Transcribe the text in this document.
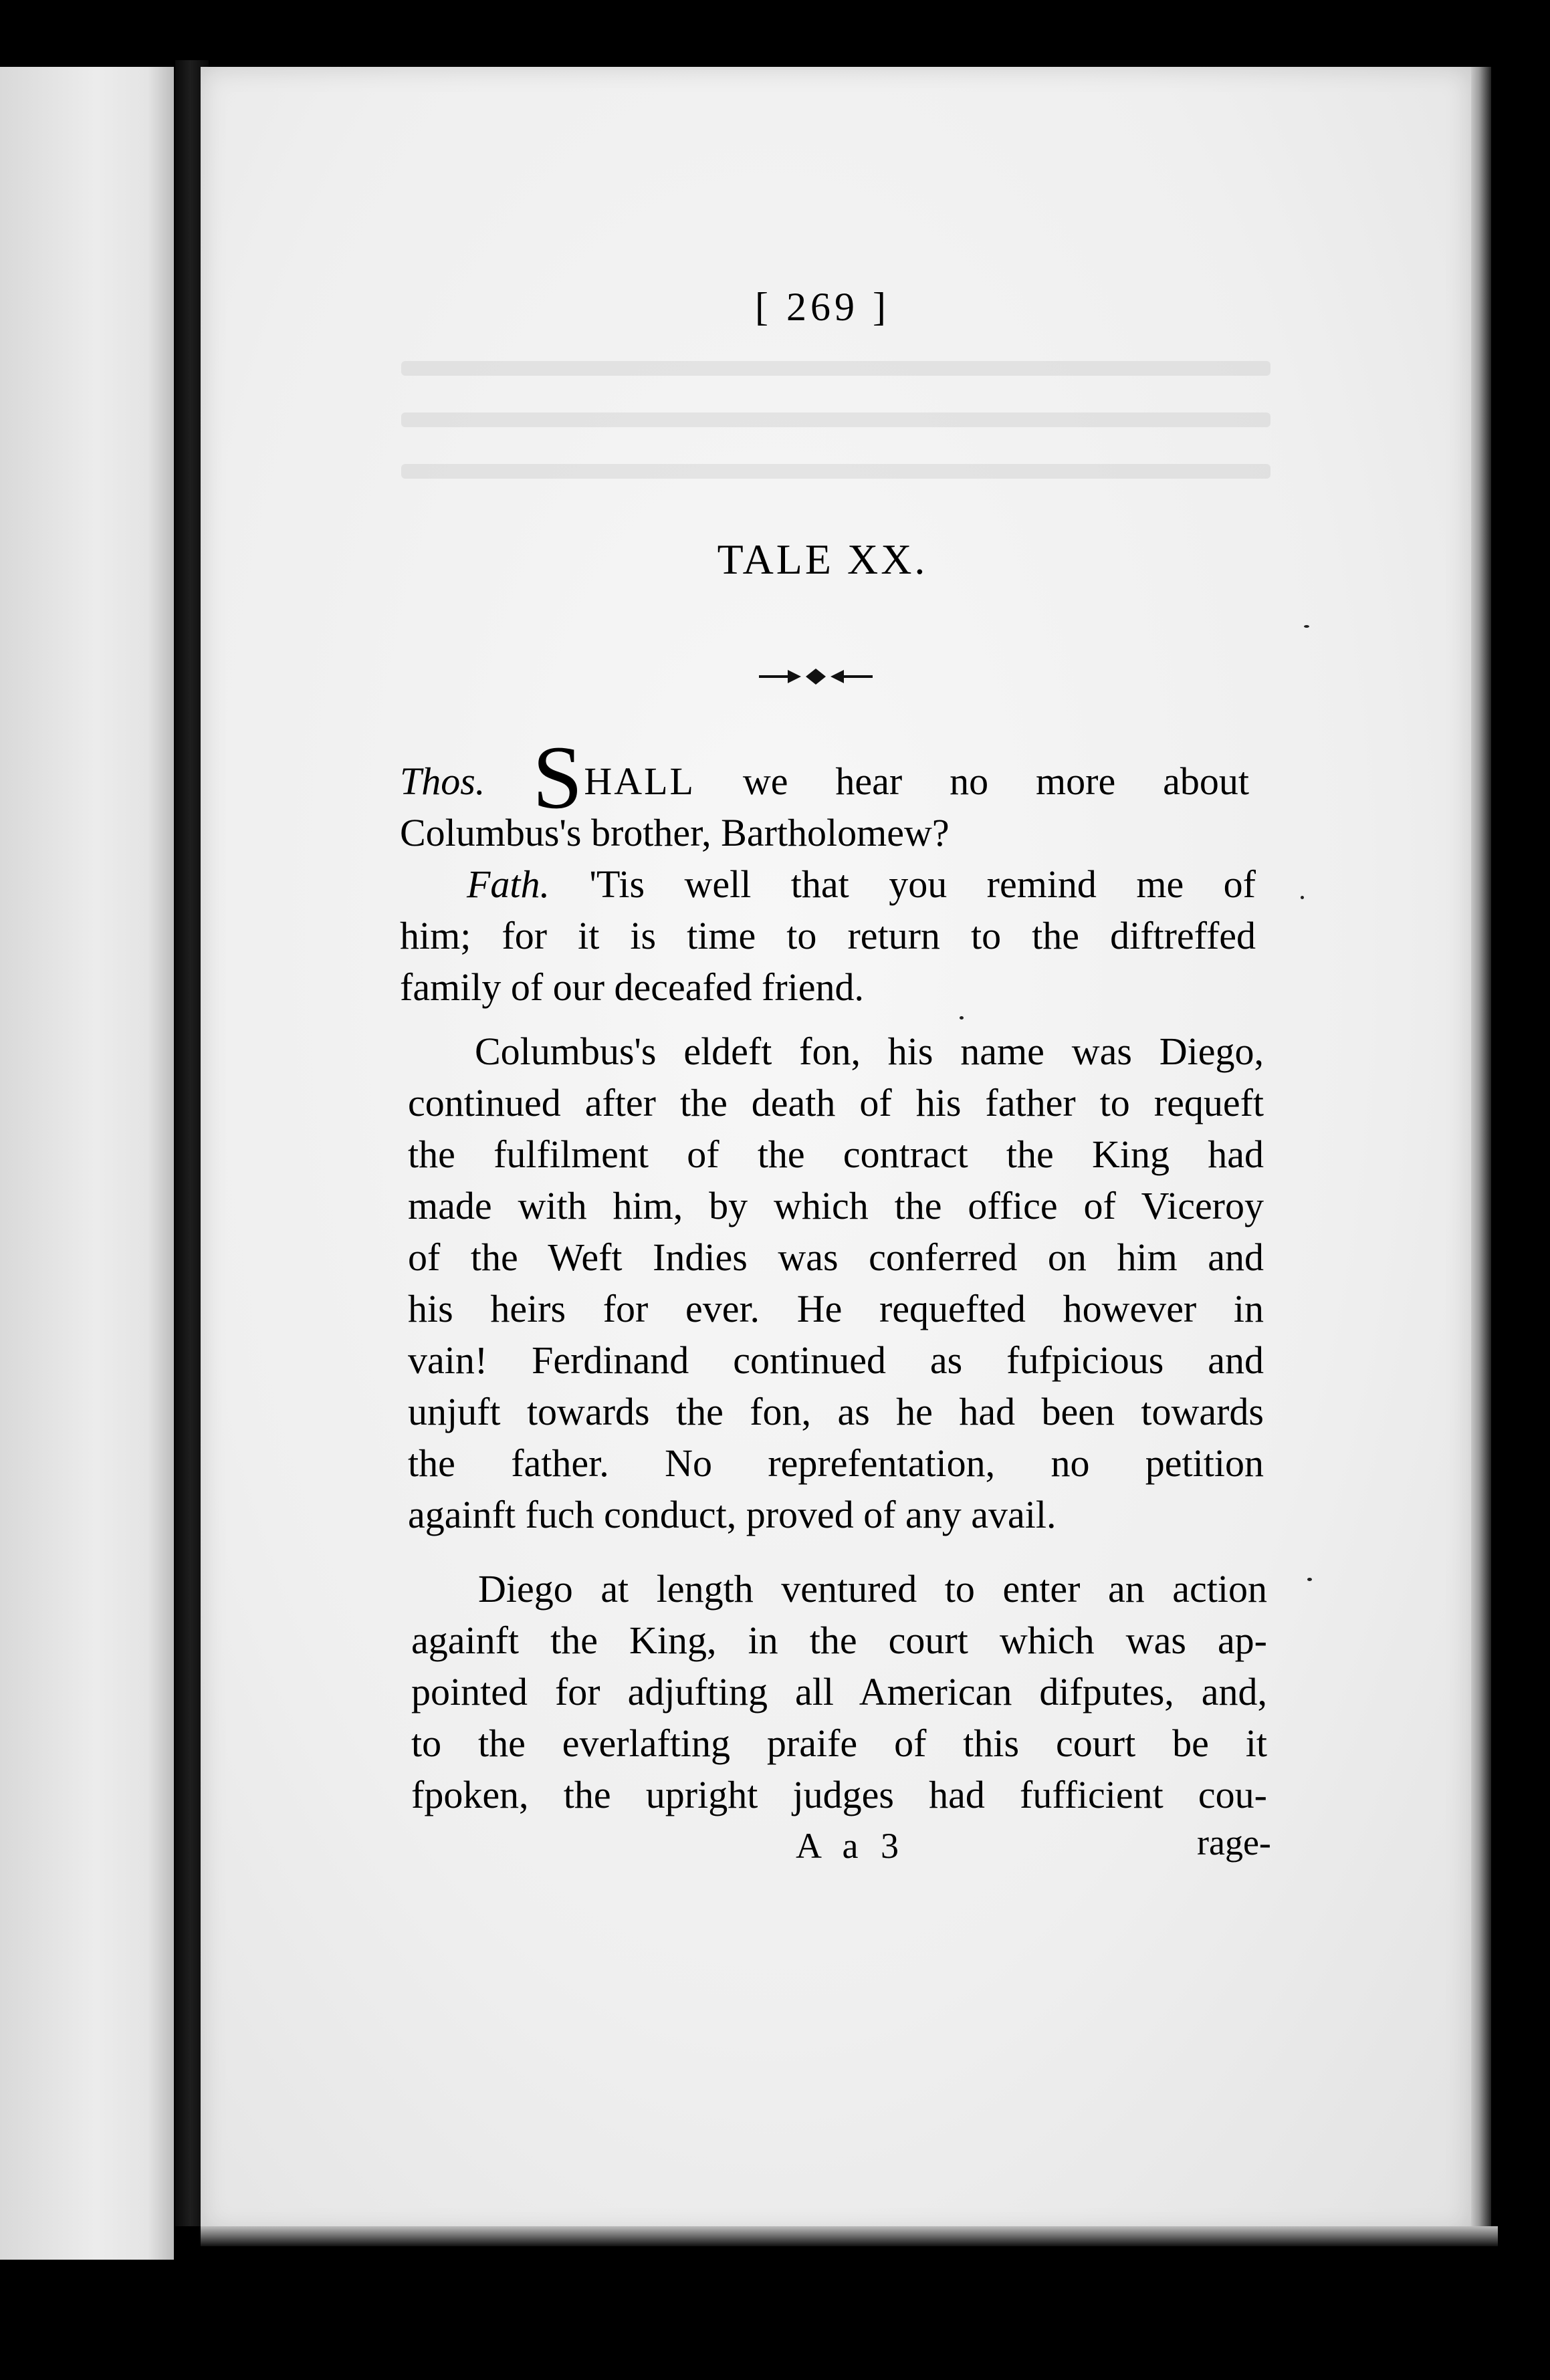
[ 269 ]
TALE XX.
Thos. SHALL we hear no more about
Columbus's brother, Bartholomew?
Fath. 'Tis well that you remind me of
him; for it is time to return to the diftreffed
family of our deceafed friend.
Columbus's eldeft fon, his name was Diego,
continued after the death of his father to requeft
the fulfilment of the contract the King had
made with him, by which the office of Viceroy
of the Weft Indies was conferred on him and
his heirs for ever. He requefted however in
vain! Ferdinand continued as fufpicious and
unjuft towards the fon, as he had been towards
the father. No reprefentation, no petition
againft fuch conduct, proved of any avail.
Diego at length ventured to enter an action
againft the King, in the court which was ap-
pointed for adjufting all American difputes, and,
to the everlafting praife of this court be it
fpoken, the upright judges had fufficient cou-
A a 3	rage-
